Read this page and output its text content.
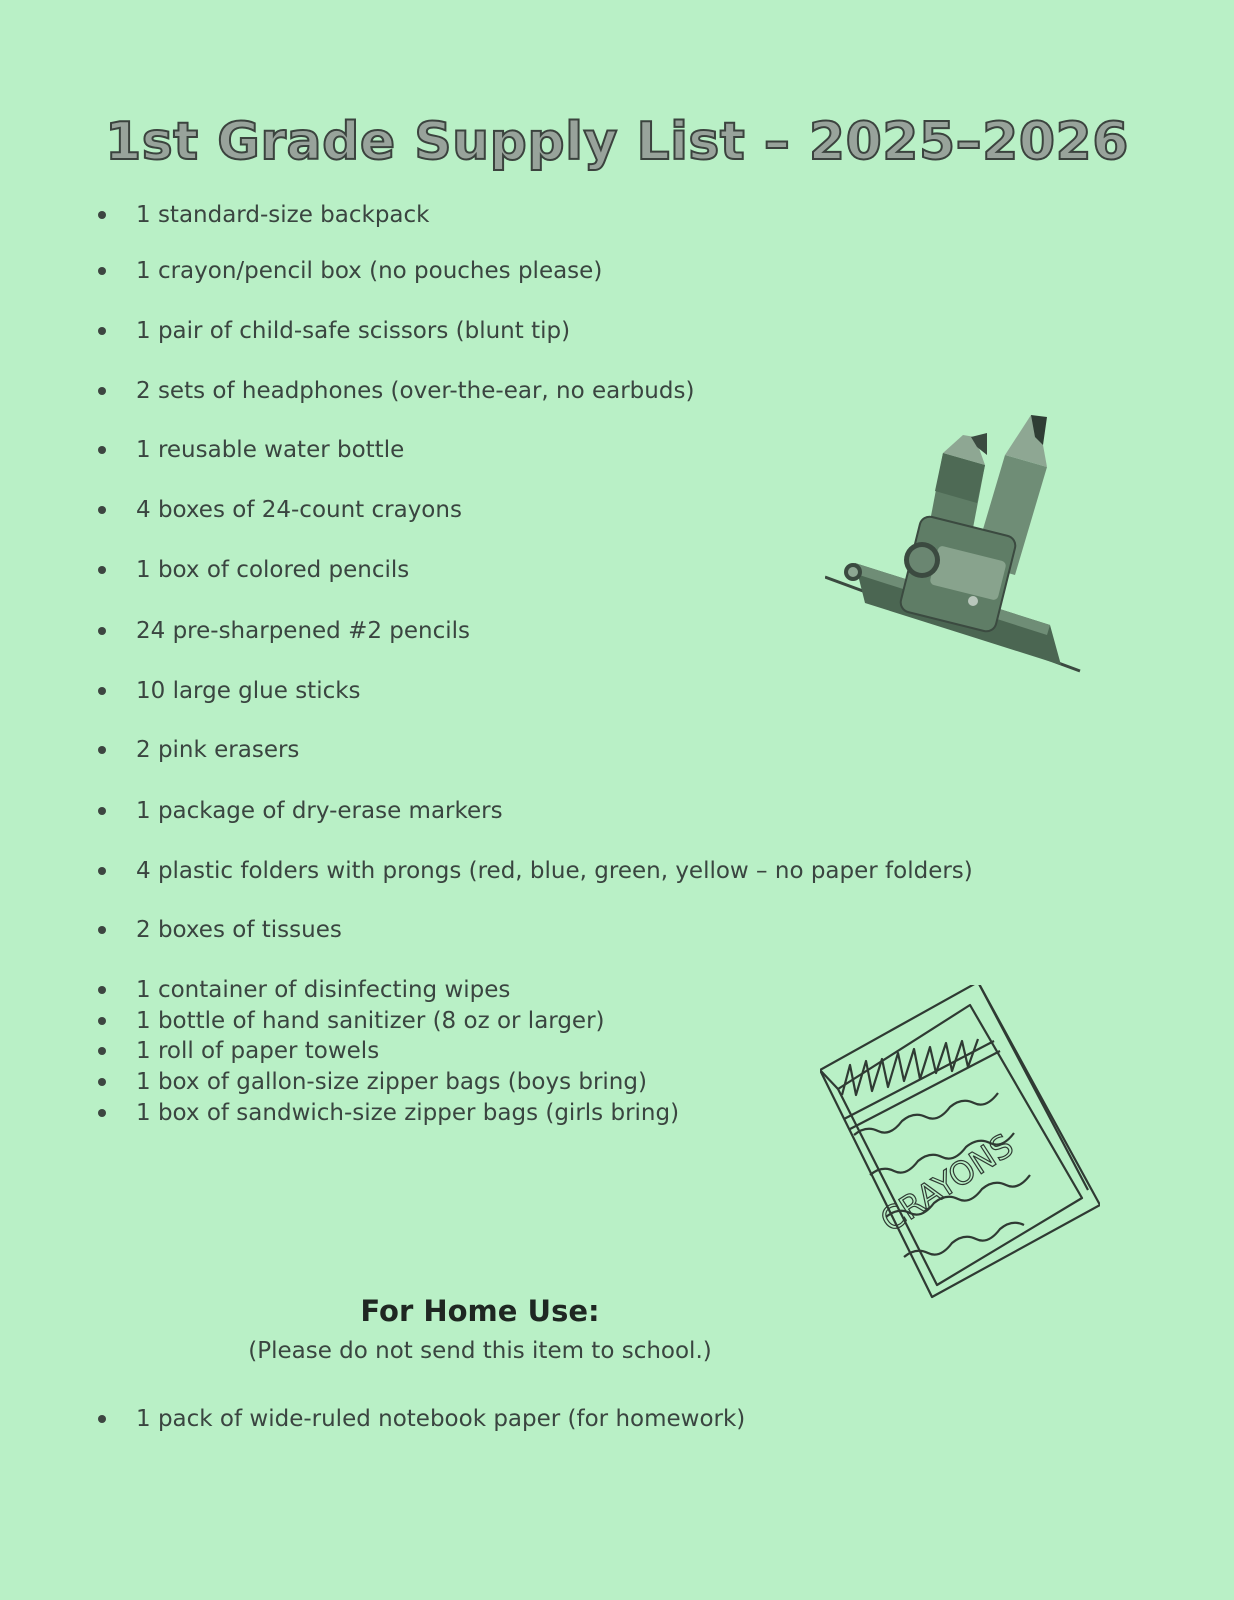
1st Grade Supply List – 2025–2026
1 standard-size backpack
1 crayon/pencil box (no pouches please)
1 pair of child-safe scissors (blunt tip)
2 sets of headphones (over-the-ear, no earbuds)
1 reusable water bottle
4 boxes of 24-count crayons
1 box of colored pencils
24 pre-sharpened #2 pencils
10 large glue sticks
2 pink erasers
1 package of dry-erase markers
4 plastic folders with prongs (red, blue, green, yellow – no paper folders)
2 boxes of tissues
1 container of disinfecting wipes
1 bottle of hand sanitizer (8 oz or larger)
1 roll of paper towels
1 box of gallon-size zipper bags (boys bring)
1 box of sandwich-size zipper bags (girls bring)
For Home Use:
(Please do not send this item to school.)
1 pack of wide-ruled notebook paper (for homework)
CRAYONS
